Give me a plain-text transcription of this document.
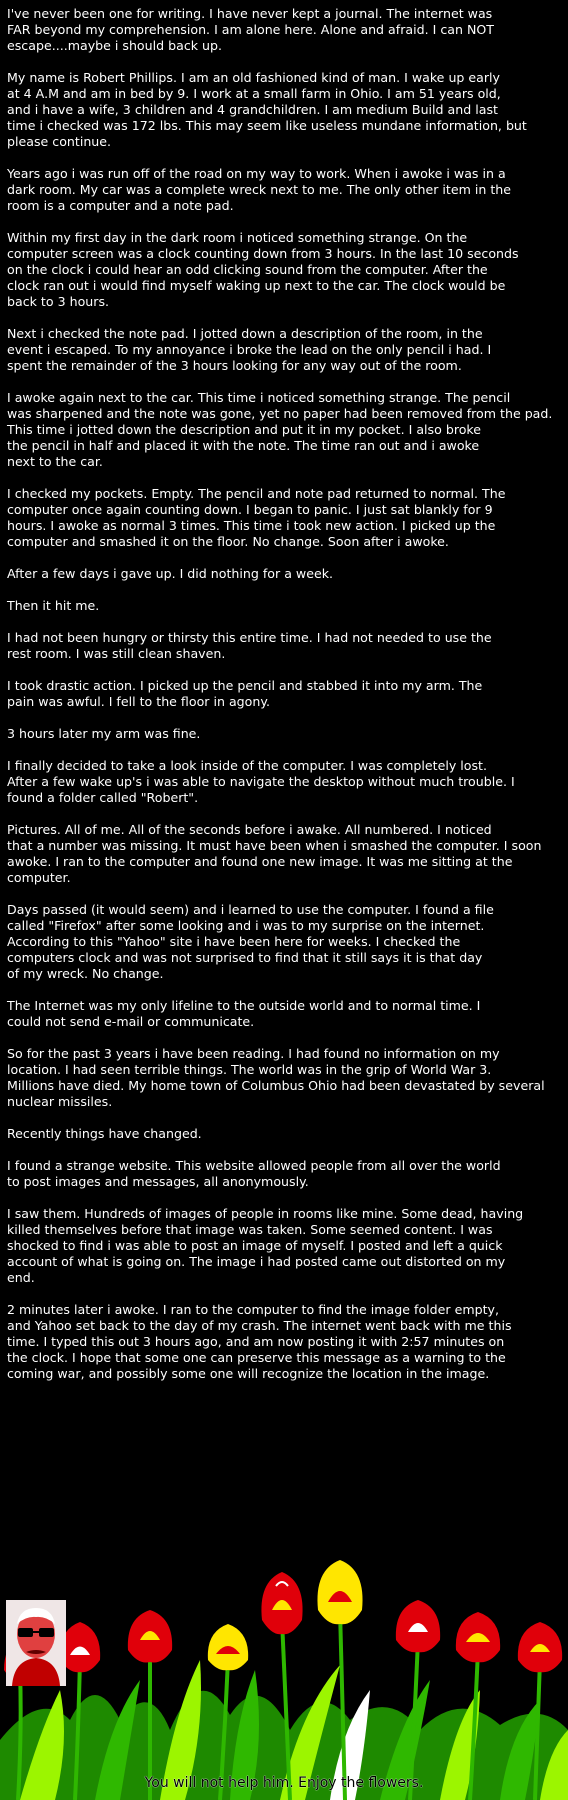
I've never been one for writing. I have never kept a journal. The internet was
FAR beyond my comprehension. I am alone here. Alone and afraid. I can NOT
escape....maybe i should back up.

My name is Robert Phillips. I am an old fashioned kind of man. I wake up early
at 4 A.M and am in bed by 9. I work at a small farm in Ohio. I am 51 years old,
and i have a wife, 3 children and 4 grandchildren. I am medium Build and last
time i checked was 172 lbs. This may seem like useless mundane information, but
please continue.

Years ago i was run off of the road on my way to work. When i awoke i was in a
dark room. My car was a complete wreck next to me. The only other item in the
room is a computer and a note pad.

Within my first day in the dark room i noticed something strange. On the
computer screen was a clock counting down from 3 hours. In the last 10 seconds
on the clock i could hear an odd clicking sound from the computer. After the
clock ran out i would find myself waking up next to the car. The clock would be
back to 3 hours.

Next i checked the note pad. I jotted down a description of the room, in the
event i escaped. To my annoyance i broke the lead on the only pencil i had. I
spent the remainder of the 3 hours looking for any way out of the room.

I awoke again next to the car. This time i noticed something strange. The pencil
was sharpened and the note was gone, yet no paper had been removed from the pad.
This time i jotted down the description and put it in my pocket. I also broke
the pencil in half and placed it with the note. The time ran out and i awoke
next to the car.

I checked my pockets. Empty. The pencil and note pad returned to normal. The
computer once again counting down. I began to panic. I just sat blankly for 9
hours. I awoke as normal 3 times. This time i took new action. I picked up the
computer and smashed it on the floor. No change. Soon after i awoke.

After a few days i gave up. I did nothing for a week.

Then it hit me.

I had not been hungry or thirsty this entire time. I had not needed to use the
rest room. I was still clean shaven.

I took drastic action. I picked up the pencil and stabbed it into my arm. The
pain was awful. I fell to the floor in agony.

3 hours later my arm was fine.

I finally decided to take a look inside of the computer. I was completely lost.
After a few wake up's i was able to navigate the desktop without much trouble. I
found a folder called "Robert".

Pictures. All of me. All of the seconds before i awake. All numbered. I noticed
that a number was missing. It must have been when i smashed the computer. I soon
awoke. I ran to the computer and found one new image. It was me sitting at the
computer.

Days passed (it would seem) and i learned to use the computer. I found a file
called "Firefox" after some looking and i was to my surprise on the internet.
According to this "Yahoo" site i have been here for weeks. I checked the
computers clock and was not surprised to find that it still says it is that day
of my wreck. No change.

The Internet was my only lifeline to the outside world and to normal time. I
could not send e-mail or communicate.

So for the past 3 years i have been reading. I had found no information on my
location. I had seen terrible things. The world was in the grip of World War 3.
Millions have died. My home town of Columbus Ohio had been devastated by several
nuclear missiles.

Recently things have changed.

I found a strange website. This website allowed people from all over the world
to post images and messages, all anonymously.

I saw them. Hundreds of images of people in rooms like mine. Some dead, having
killed themselves before that image was taken. Some seemed content. I was
shocked to find i was able to post an image of myself. I posted and left a quick
account of what is going on. The image i had posted came out distorted on my
end.

2 minutes later i awoke. I ran to the computer to find the image folder empty,
and Yahoo set back to the day of my crash. The internet went back with me this
time. I typed this out 3 hours ago, and am now posting it with 2:57 minutes on
the clock. I hope that some one can preserve this message as a warning to the
coming war, and possibly some one will recognize the location in the image.

You will not help him. Enjoy the flowers.
